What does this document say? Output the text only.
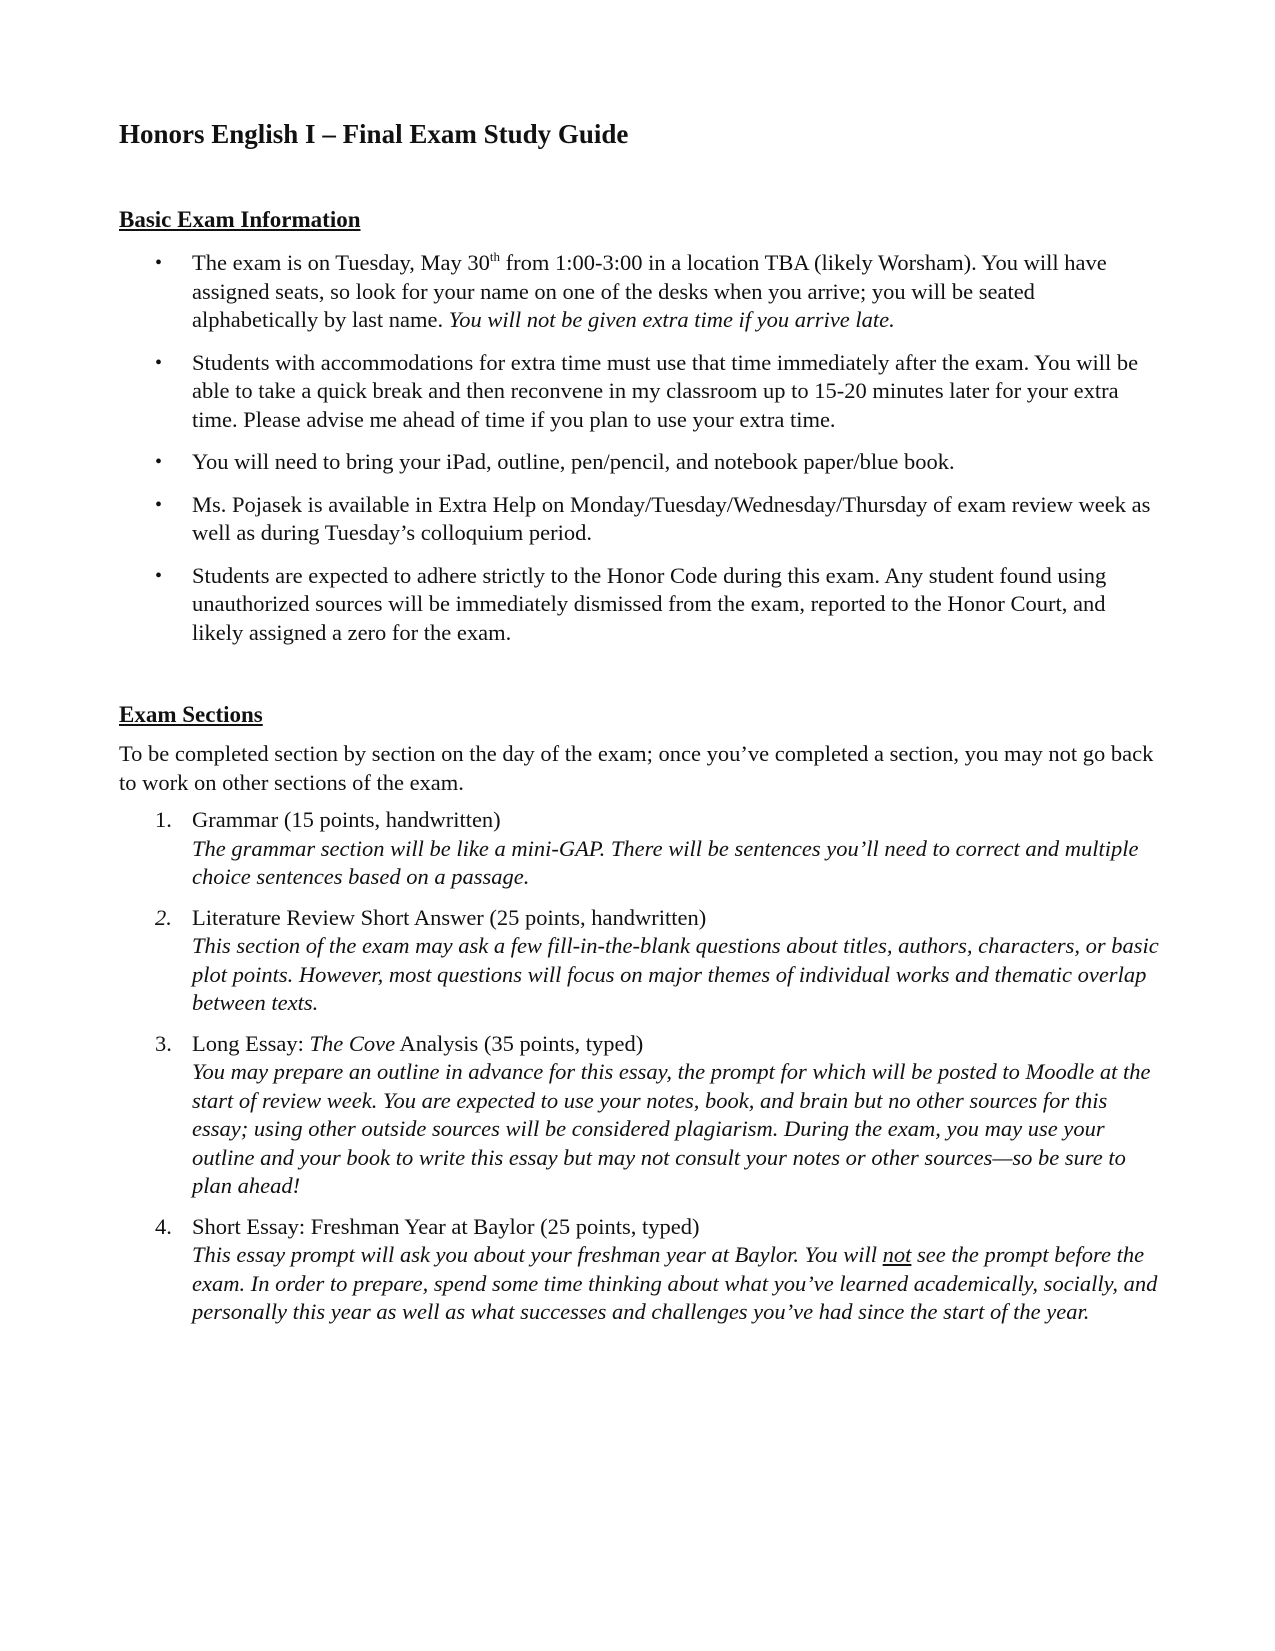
Honors English I – Final Exam Study Guide
Basic Exam Information
• The exam is on Tuesday, May 30th from 1:00-3:00 in a location TBA (likely Worsham). You will have assigned seats, so look for your name on one of the desks when you arrive; you will be seated alphabetically by last name. You will not be given extra time if you arrive late.
• Students with accommodations for extra time must use that time immediately after the exam. You will be able to take a quick break and then reconvene in my classroom up to 15-20 minutes later for your extra time. Please advise me ahead of time if you plan to use your extra time.
• You will need to bring your iPad, outline, pen/pencil, and notebook paper/blue book.
• Ms. Pojasek is available in Extra Help on Monday/Tuesday/Wednesday/Thursday of exam review week as well as during Tuesday’s colloquium period.
• Students are expected to adhere strictly to the Honor Code during this exam. Any student found using unauthorized sources will be immediately dismissed from the exam, reported to the Honor Court, and likely assigned a zero for the exam.
Exam Sections

To be completed section by section on the day of the exam; once you’ve completed a section, you may not go back to work on other sections of the exam.

1. Grammar (15 points, handwritten)
The grammar section will be like a mini-GAP. There will be sentences you’ll need to correct and multiple choice sentences based on a passage.
2. Literature Review Short Answer (25 points, handwritten)
This section of the exam may ask a few fill-in-the-blank questions about titles, authors, characters, or basic plot points. However, most questions will focus on major themes of individual works and thematic overlap between texts.
3. Long Essay: The Cove Analysis (35 points, typed)
You may prepare an outline in advance for this essay, the prompt for which will be posted to Moodle at the start of review week. You are expected to use your notes, book, and brain but no other sources for this essay; using other outside sources will be considered plagiarism. During the exam, you may use your outline and your book to write this essay but may not consult your notes or other sources—so be sure to plan ahead!
4. Short Essay: Freshman Year at Baylor (25 points, typed)
This essay prompt will ask you about your freshman year at Baylor. You will not see the prompt before the exam. In order to prepare, spend some time thinking about what you’ve learned academically, socially, and personally this year as well as what successes and challenges you’ve had since the start of the year.
